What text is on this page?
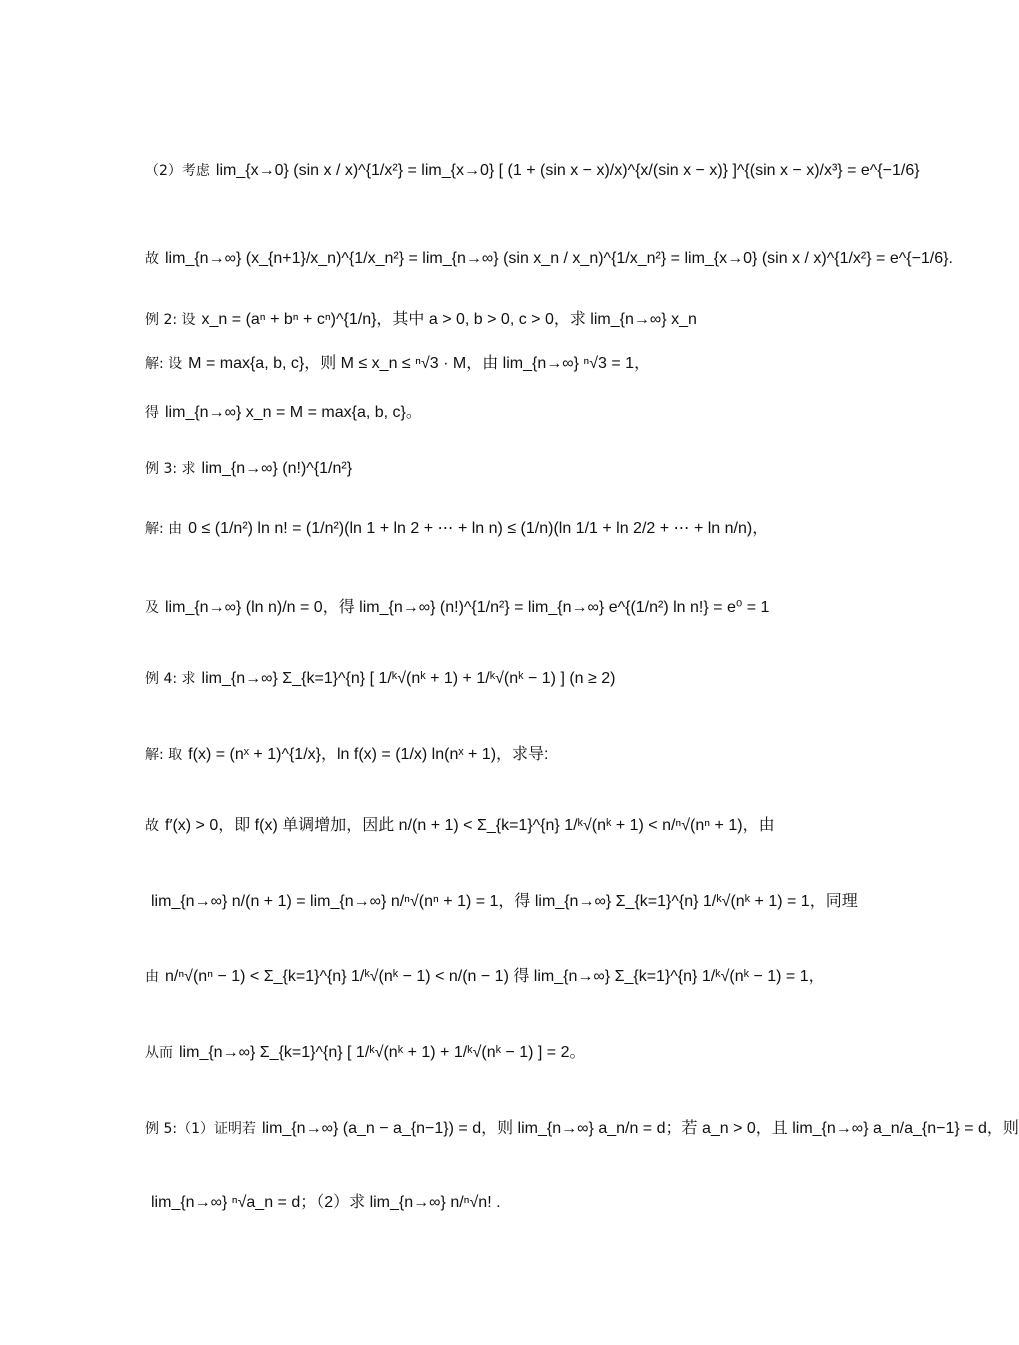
（2）考虑 lim_{x→0} (sin x / x)^{1/x²} = lim_{x→0} [ (1 + (sin x − x)/x)^{x/(sin x − x)} ]^{(sin x − x)/x³} = e^{−1/6}
故 lim_{n→∞} (x_{n+1}/x_n)^{1/x_n²} = lim_{n→∞} (sin x_n / x_n)^{1/x_n²} = lim_{x→0} (sin x / x)^{1/x²} = e^{−1/6}.
例 2: 设 x_n = (aⁿ + bⁿ + cⁿ)^{1/n}，其中 a > 0, b > 0, c > 0，求 lim_{n→∞} x_n
解: 设 M = max{a, b, c}，则 M ≤ x_n ≤ ⁿ√3 · M，由 lim_{n→∞} ⁿ√3 = 1，
得 lim_{n→∞} x_n = M = max{a, b, c}。
例 3: 求 lim_{n→∞} (n!)^{1/n²}
解: 由 0 ≤ (1/n²) ln n! = (1/n²)(ln 1 + ln 2 + ⋯ + ln n) ≤ (1/n)(ln 1/1 + ln 2/2 + ⋯ + ln n/n)，
及 lim_{n→∞} (ln n)/n = 0，得 lim_{n→∞} (n!)^{1/n²} = lim_{n→∞} e^{(1/n²) ln n!} = e⁰ = 1
例 4: 求 lim_{n→∞} Σ_{k=1}^{n} [ 1/ᵏ√(nᵏ + 1) + 1/ᵏ√(nᵏ − 1) ] (n ≥ 2)
解: 取 f(x) = (nˣ + 1)^{1/x}，ln f(x) = (1/x) ln(nˣ + 1)，求导:
故 f′(x) > 0，即 f(x) 单调增加，因此 n/(n + 1) < Σ_{k=1}^{n} 1/ᵏ√(nᵏ + 1) < n/ⁿ√(nⁿ + 1)，由
lim_{n→∞} n/(n + 1) = lim_{n→∞} n/ⁿ√(nⁿ + 1) = 1，得 lim_{n→∞} Σ_{k=1}^{n} 1/ᵏ√(nᵏ + 1) = 1，同理
由 n/ⁿ√(nⁿ − 1) < Σ_{k=1}^{n} 1/ᵏ√(nᵏ − 1) < n/(n − 1) 得 lim_{n→∞} Σ_{k=1}^{n} 1/ᵏ√(nᵏ − 1) = 1，
从而 lim_{n→∞} Σ_{k=1}^{n} [ 1/ᵏ√(nᵏ + 1) + 1/ᵏ√(nᵏ − 1) ] = 2。
例 5:（1）证明若 lim_{n→∞} (a_n − a_{n−1}) = d，则 lim_{n→∞} a_n/n = d；若 a_n > 0，且 lim_{n→∞} a_n/a_{n−1} = d，则
lim_{n→∞} ⁿ√a_n = d；（2）求 lim_{n→∞} n/ⁿ√n! .
